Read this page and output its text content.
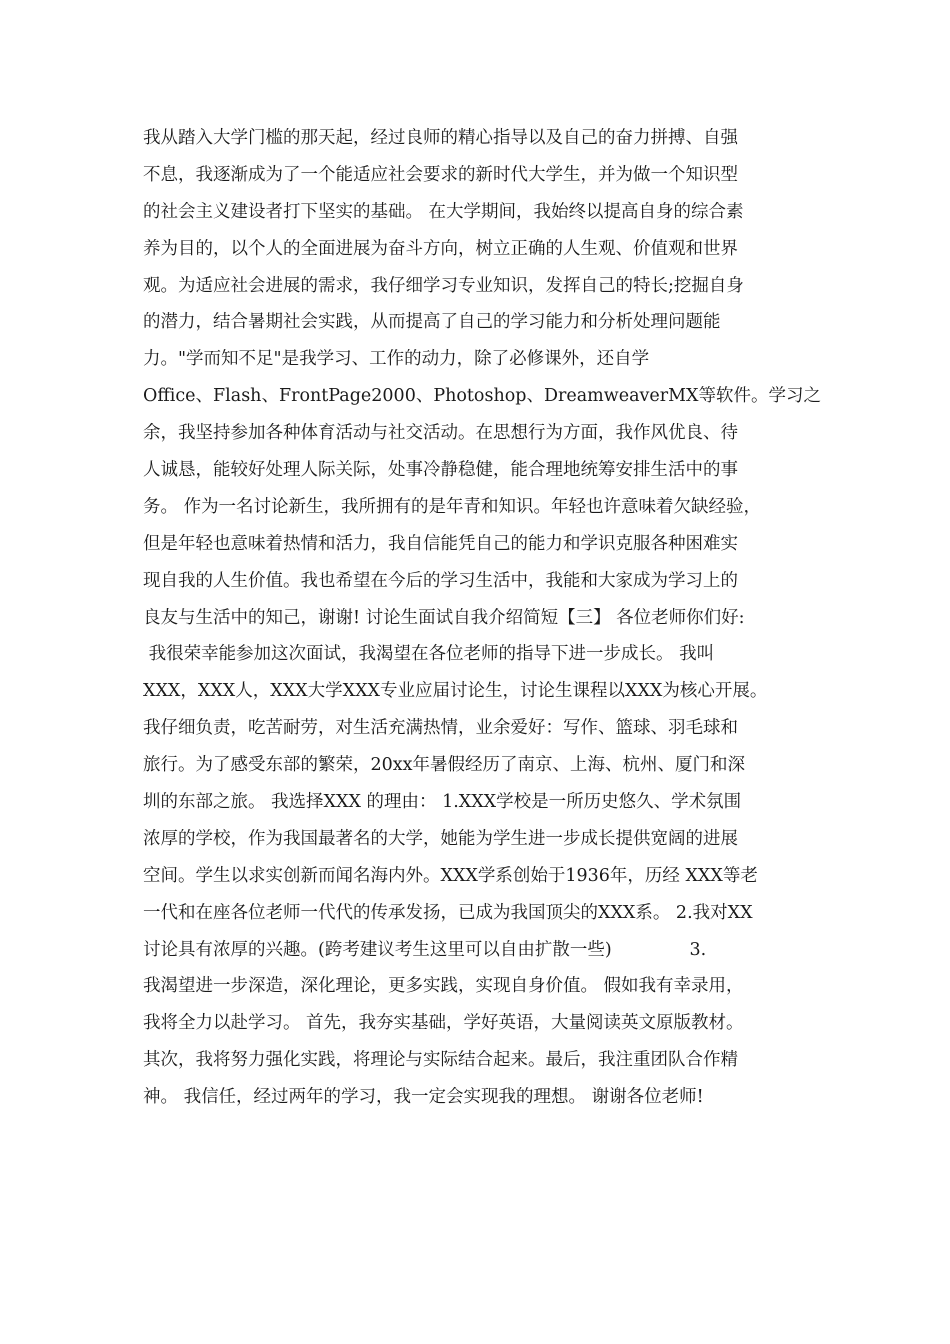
我从踏入大学门槛的那天起，经过良师的精心指导以及自己的奋力拼搏、自强
不息，我逐渐成为了一个能适应社会要求的新时代大学生，并为做一个知识型
的社会主义建设者打下坚实的基础。 在大学期间，我始终以提高自身的综合素
养为目的，以个人的全面进展为奋斗方向，树立正确的人生观、价值观和世界
观。为适应社会进展的需求，我仔细学习专业知识，发挥自己的特长;挖掘自身
的潜力，结合暑期社会实践，从而提高了自己的学习能力和分析处理问题能
力。"学而知不足"是我学习、工作的动力，除了必修课外，还自学
Office、Flash、FrontPage2000、Photoshop、DreamweaverMX等软件。学习之
余，我坚持参加各种体育活动与社交活动。在思想行为方面，我作风优良、待
人诚恳，能较好处理人际关际，处事冷静稳健，能合理地统筹安排生活中的事
务。 作为一名讨论新生，我所拥有的是年青和知识。年轻也许意味着欠缺经验，
但是年轻也意味着热情和活力，我自信能凭自己的能力和学识克服各种困难实
现自我的人生价值。我也希望在今后的学习生活中，我能和大家成为学习上的
良友与生活中的知己，谢谢! 讨论生面试自我介绍简短【三】 各位老师你们好:
我很荣幸能参加这次面试，我渴望在各位老师的指导下进一步成长。 我叫
XXX，XXX人，XXX大学XXX专业应届讨论生，讨论生课程以XXX为核心开展。
我仔细负责，吃苦耐劳，对生活充满热情，业余爱好：写作、篮球、羽毛球和
旅行。为了感受东部的繁荣，20xx年暑假经历了南京、上海、杭州、厦门和深
圳的东部之旅。 我选择XXX 的理由： 1.XXX学校是一所历史悠久、学术氛围
浓厚的学校，作为我国最著名的大学，她能为学生进一步成长提供宽阔的进展
空间。学生以求实创新而闻名海内外。XXX学系创始于1936年，历经 XXX等老
一代和在座各位老师一代代的传承发扬，已成为我国顶尖的XXX系。 2.我对XX
讨论具有浓厚的兴趣。(跨考建议考生这里可以自由扩散一些)              3.
我渴望进一步深造，深化理论，更多实践，实现自身价值。 假如我有幸录用，
我将全力以赴学习。 首先，我夯实基础，学好英语，大量阅读英文原版教材。
其次，我将努力强化实践，将理论与实际结合起来。最后，我注重团队合作精
神。 我信任，经过两年的学习，我一定会实现我的理想。 谢谢各位老师!
